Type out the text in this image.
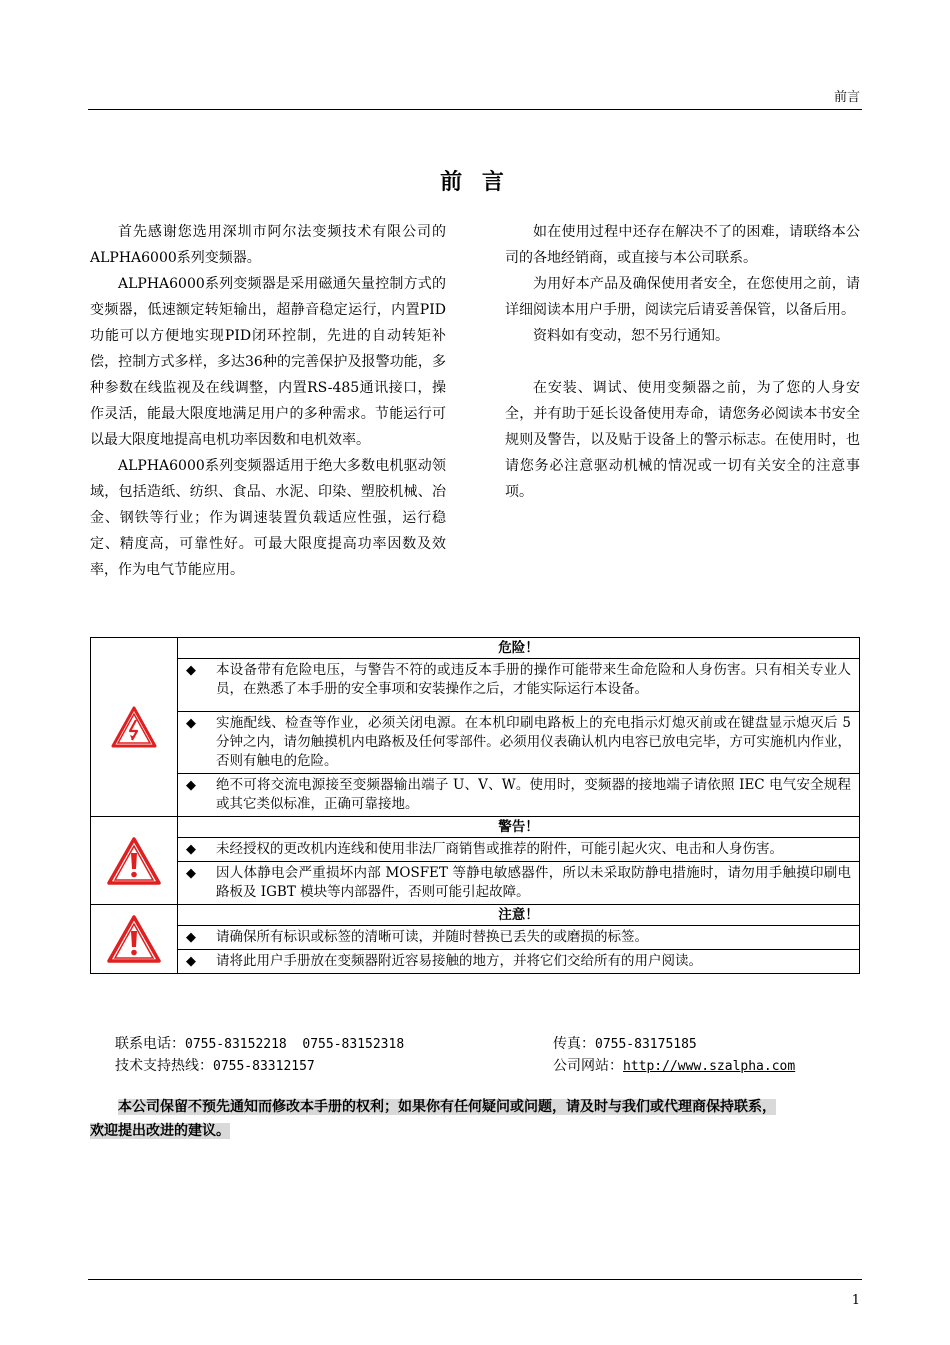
前言
前 言

首先感谢您选用深圳市阿尔法变频技术有限公司的ALPHA6000系列变频器。

ALPHA6000系列变频器是采用磁通矢量控制方式的变频器，低速额定转矩输出，超静音稳定运行，内置PID功能可以方便地实现PID闭环控制，先进的自动转矩补偿，控制方式多样，多达36种的完善保护及报警功能，多种参数在线监视及在线调整，内置RS-485通讯接口，操作灵活，能最大限度地满足用户的多种需求。节能运行可以最大限度地提高电机功率因数和电机效率。

ALPHA6000系列变频器适用于绝大多数电机驱动领域，包括造纸、纺织、食品、水泥、印染、塑胶机械、冶金、钢铁等行业；作为调速装置负载适应性强，运行稳定、精度高，可靠性好。可最大限度提高功率因数及效率，作为电气节能应用。

如在使用过程中还存在解决不了的困难，请联络本公司的各地经销商，或直接与本公司联系。

为用好本产品及确保使用者安全，在您使用之前，请详细阅读本用户手册，阅读完后请妥善保管，以备后用。

资料如有变动，恕不另行通知。

在安装、调试、使用变频器之前，为了您的人身安全，并有助于延长设备使用寿命，请您务必阅读本书安全规则及警告，以及贴于设备上的警示标志。在使用时，也请您务必注意驱动机械的情况或一切有关安全的注意事项。

	危险！

	◆ 本设备带有危险电压，与警告不符的或违反本手册的操作可能带来生命危险和人身伤害。只有相关专业人员，在熟悉了本手册的安全事项和安装操作之后，才能实际运行本设备。

	◆ 实施配线、检查等作业，必须关闭电源。在本机印刷电路板上的充电指示灯熄灭前或在键盘显示熄灭后 5 分钟之内，请勿触摸机内电路板及任何零部件。必须用仪表确认机内电容已放电完毕，方可实施机内作业，否则有触电的危险。

	◆ 绝不可将交流电源接至变频器输出端子 U、V、W。使用时，变频器的接地端子请依照 IEC 电气安全规程或其它类似标准，正确可靠接地。

	警告！

	◆ 未经授权的更改机内连线和使用非法厂商销售或推荐的附件，可能引起火灾、电击和人身伤害。

	◆ 因人体静电会严重损坏内部 MOSFET 等静电敏感器件，所以未采取防静电措施时，请勿用手触摸印刷电路板及 IGBT 模块等内部器件，否则可能引起故障。

	注意！

	◆ 请确保所有标识或标签的清晰可读，并随时替换已丢失的或磨损的标签。

	◆ 请将此用户手册放在变频器附近容易接触的地方，并将它们交给所有的用户阅读。
联系电话：0755-83152218  0755-83152318
技术支持热线：0755-83312157
传真：0755-83175185
公司网站：http://www.szalpha.com
本公司保留不预先通知而修改本手册的权利；如果你有任何疑问或问题，请及时与我们或代理商保持联系，
欢迎提出改进的建议。
1
